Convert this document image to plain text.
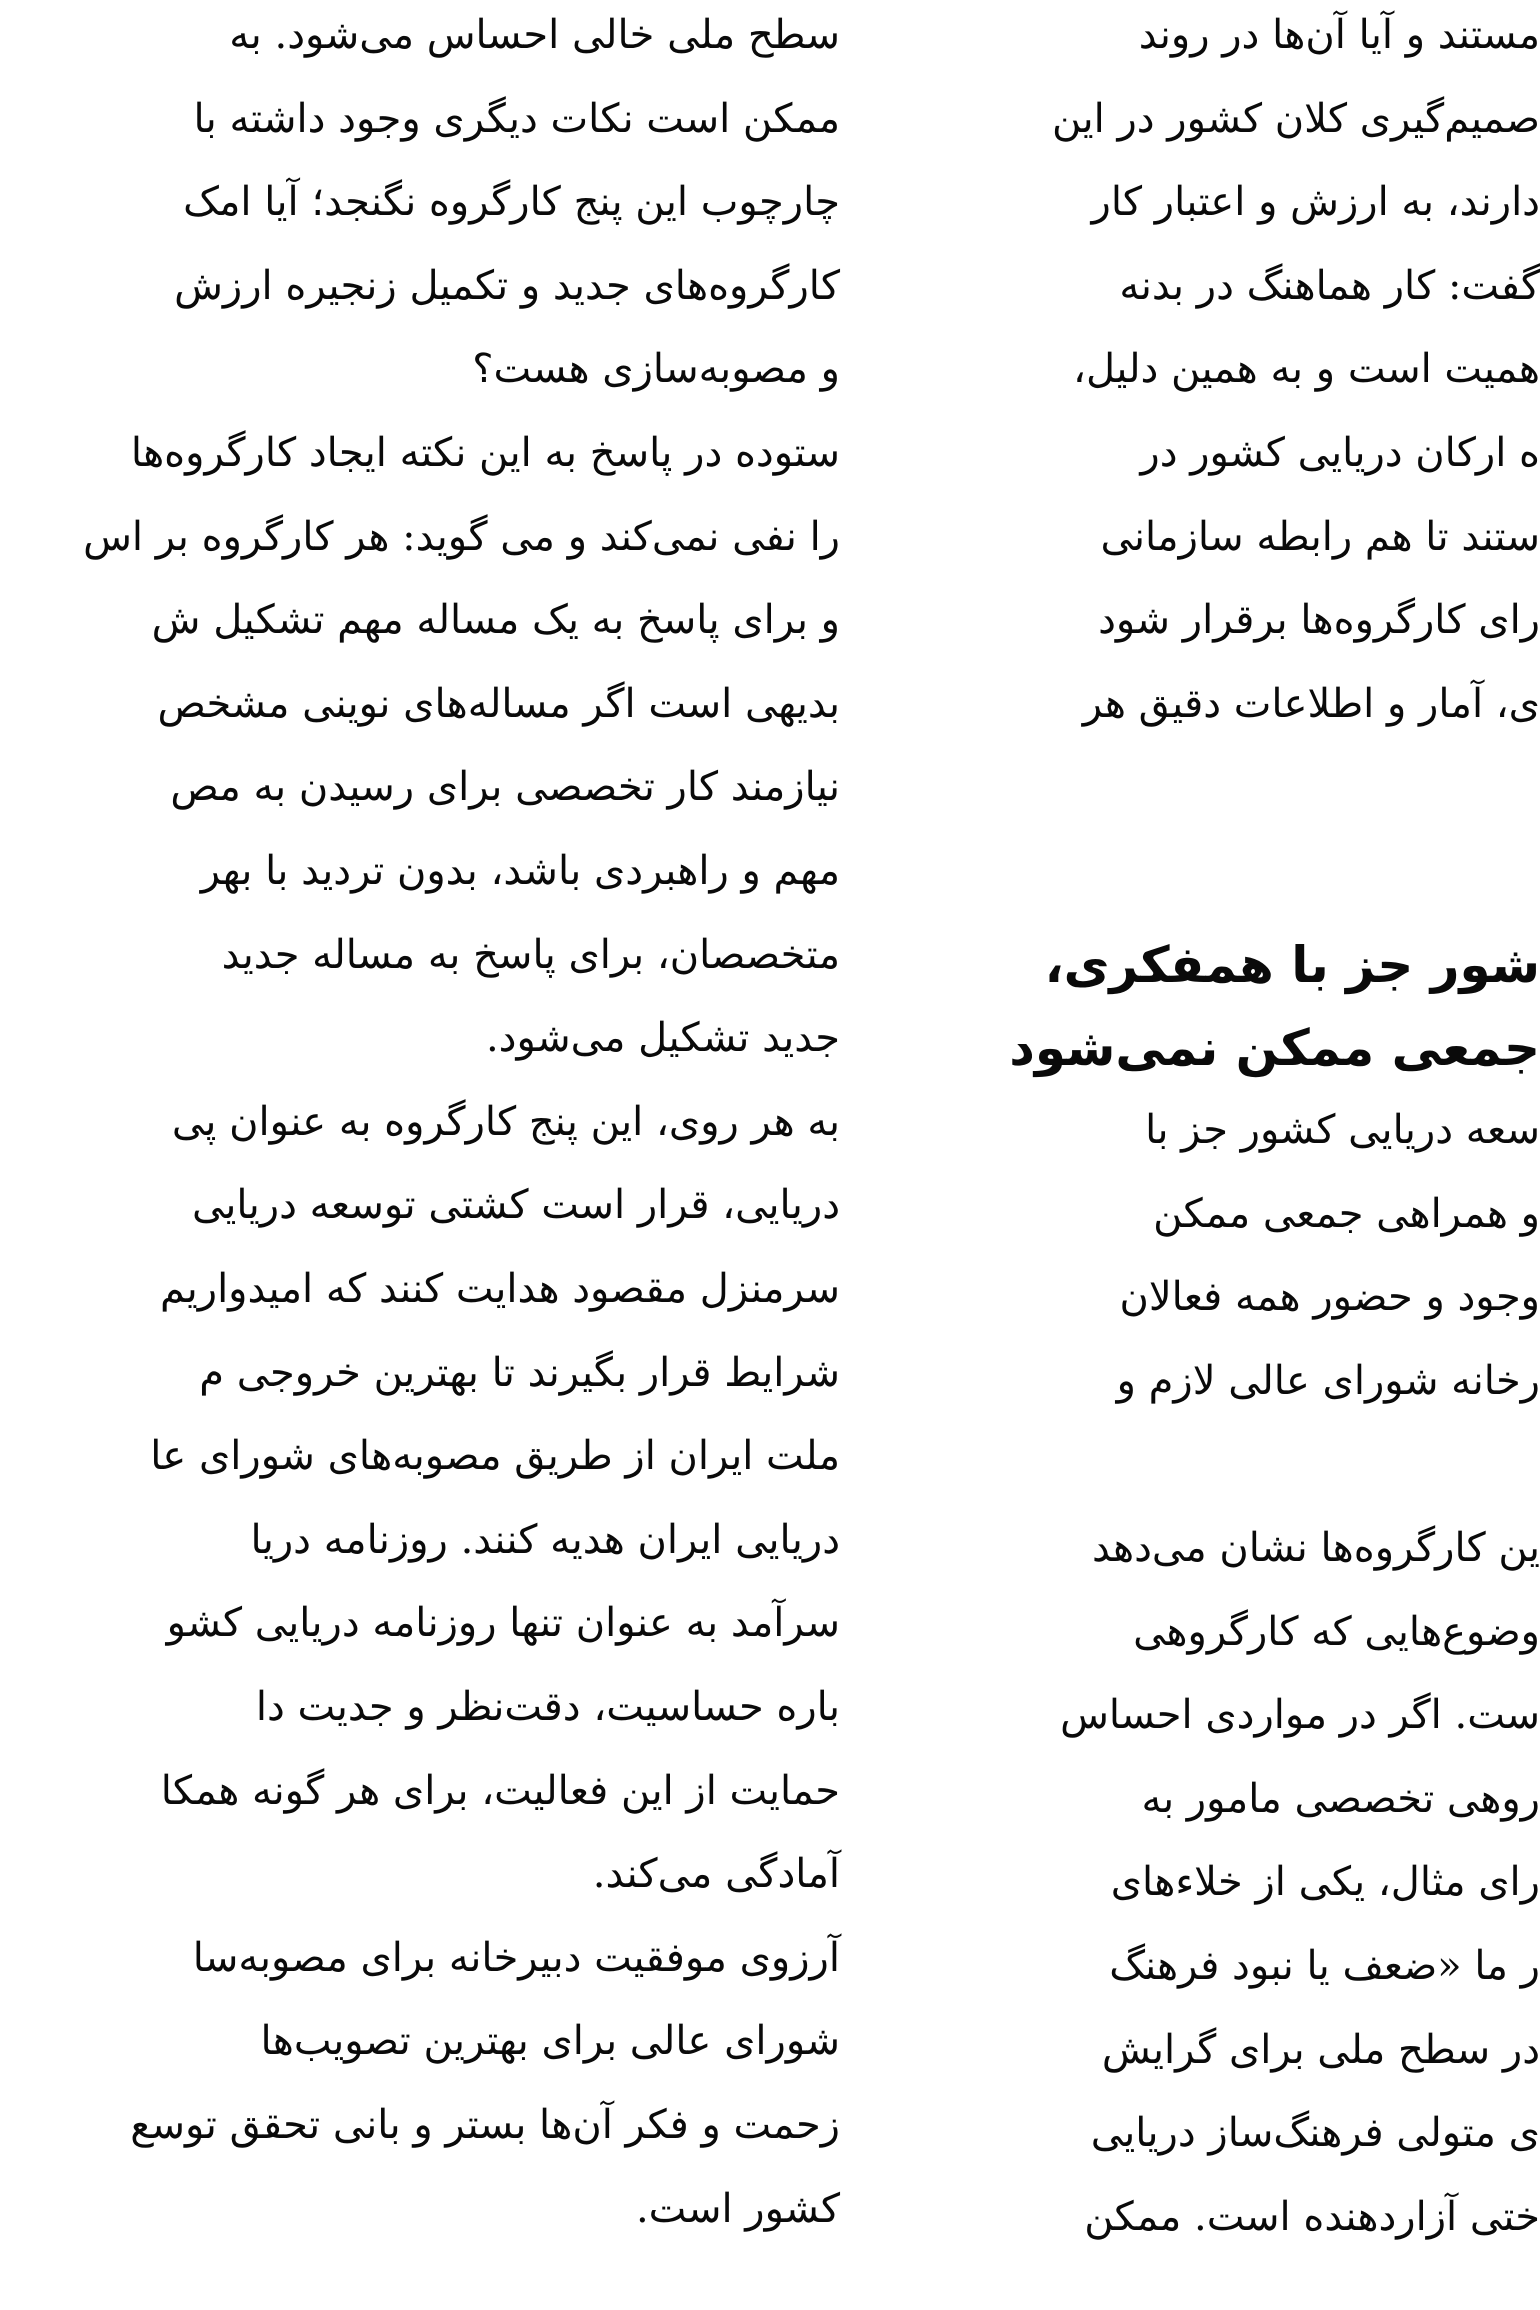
سطح ملی خالی احساس می‌شود. به
ممکن است نکات دیگری وجود داشته با
چارچوب این پنج کارگروه نگنجد؛ آیا امک
کارگروه‌های جدید و تکمیل زنجیره ارزش
و مصوبه‌سازی هست؟
ستوده در پاسخ به این نکته ایجاد کارگروه‌ها
را نفی نمی‌کند و می گوید: هر کارگروه بر اس
و برای پاسخ به یک مساله مهم تشکیل ش
بدیهی است اگر مساله‌های نوینی مشخص
نیازمند کار تخصصی برای رسیدن به مص
مهم و راهبردی باشد، بدون تردید با بهر
متخصصان، برای پاسخ به مساله جدید
جدید تشکیل می‌شود.
به هر روی، این پنج کارگروه به عنوان پی
دریایی، قرار است کشتی توسعه دریایی
سرمنزل مقصود هدایت کنند که امیدواریم
شرایط قرار بگیرند تا بهترین خروجی م
ملت ایران از طریق مصوبه‌های شورای عا
دریایی ایران هدیه کنند. روزنامه دریا
سرآمد به عنوان تنها روزنامه دریایی کشو
باره حساسیت، دقت‌نظر و جدیت دا
حمایت از این فعالیت، برای هر گونه همکا
آمادگی می‌کند.
آرزوی موفقیت دبیرخانه برای مصوبه‌سا
شورای عالی برای بهترین تصویب‌ها
زحمت و فکر آن‌ها بستر و بانی تحقق توسع
کشور است.
مستند و آیا آن‌ها در روند
صمیم‌گیری کلان کشور در این
دارند، به ارزش و اعتبار کار
گفت: کار هماهنگ در بدنه
همیت است و به همین دلیل،
ه ارکان دریایی کشور در
ستند تا هم رابطه سازمانی
رای کارگروه‌ها برقرار شود
ی، آمار و اطلاعات دقیق هر
شور جز با همفکری،
جمعی ممکن نمی‌شود
سعه دریایی کشور جز با
و همراهی جمعی ممکن
وجود و حضور همه فعالان
رخانه شورای عالی لازم و
ین کارگروه‌ها نشان می‌دهد
وضوع‌هایی که کارگروهی
ست. اگر در مواردی احساس
روهی تخصصی مامور به
رای مثال، یکی از خلاءهای
ر ما «ضعف یا نبود فرهنگ
در سطح ملی برای گرایش
ی متولی فرهنگ‌ساز دریایی
ختی آزاردهنده است. ممکن
